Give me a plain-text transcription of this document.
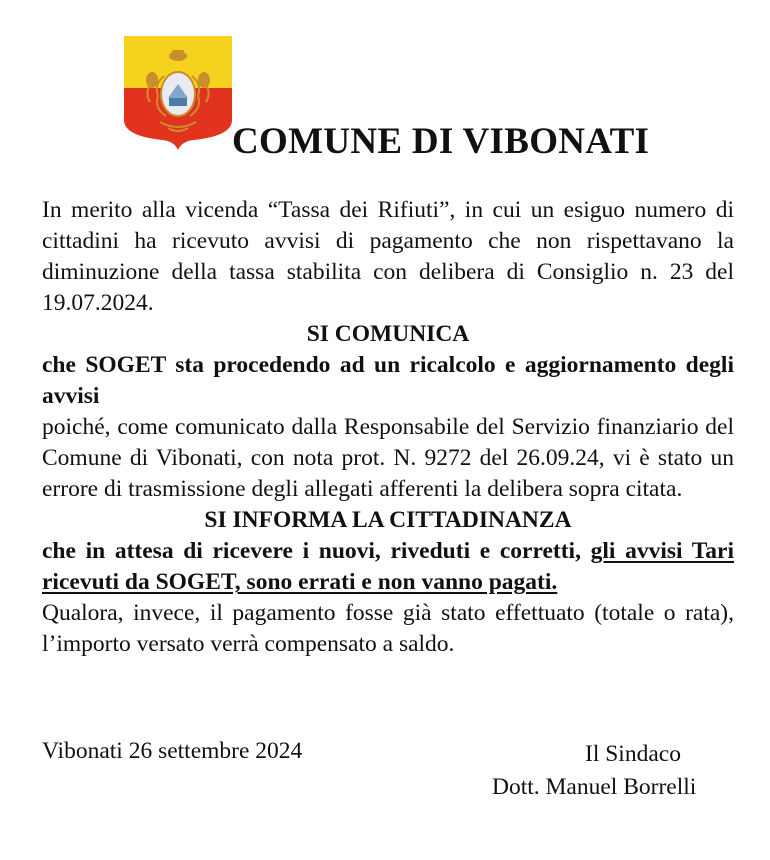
COMUNE DI VIBONATI

In merito alla vicenda “Tassa dei Rifiuti”, in cui un esiguo numero di cittadini ha ricevuto avvisi di pagamento che non rispettavano la diminuzione della tassa stabilita con delibera di Consiglio n. 23 del 19.07.2024.

SI COMUNICA

che SOGET sta procedendo ad un ricalcolo e aggiornamento degli avvisi

poiché, come comunicato dalla Responsabile del Servizio finanziario del Comune di Vibonati, con nota prot. N. 9272 del 26.09.24, vi è stato un errore di trasmissione degli allegati afferenti la delibera sopra citata.

SI INFORMA LA CITTADINANZA

che in attesa di ricevere i nuovi, riveduti e corretti, gli avvisi Tari ricevuti da SOGET, sono errati e non vanno pagati.

Qualora, invece, il pagamento fosse già stato effettuato (totale o rata), l’importo versato verrà compensato a saldo.

Vibonati 26 settembre 2024	Il Sindaco
Dott. Manuel Borrelli
